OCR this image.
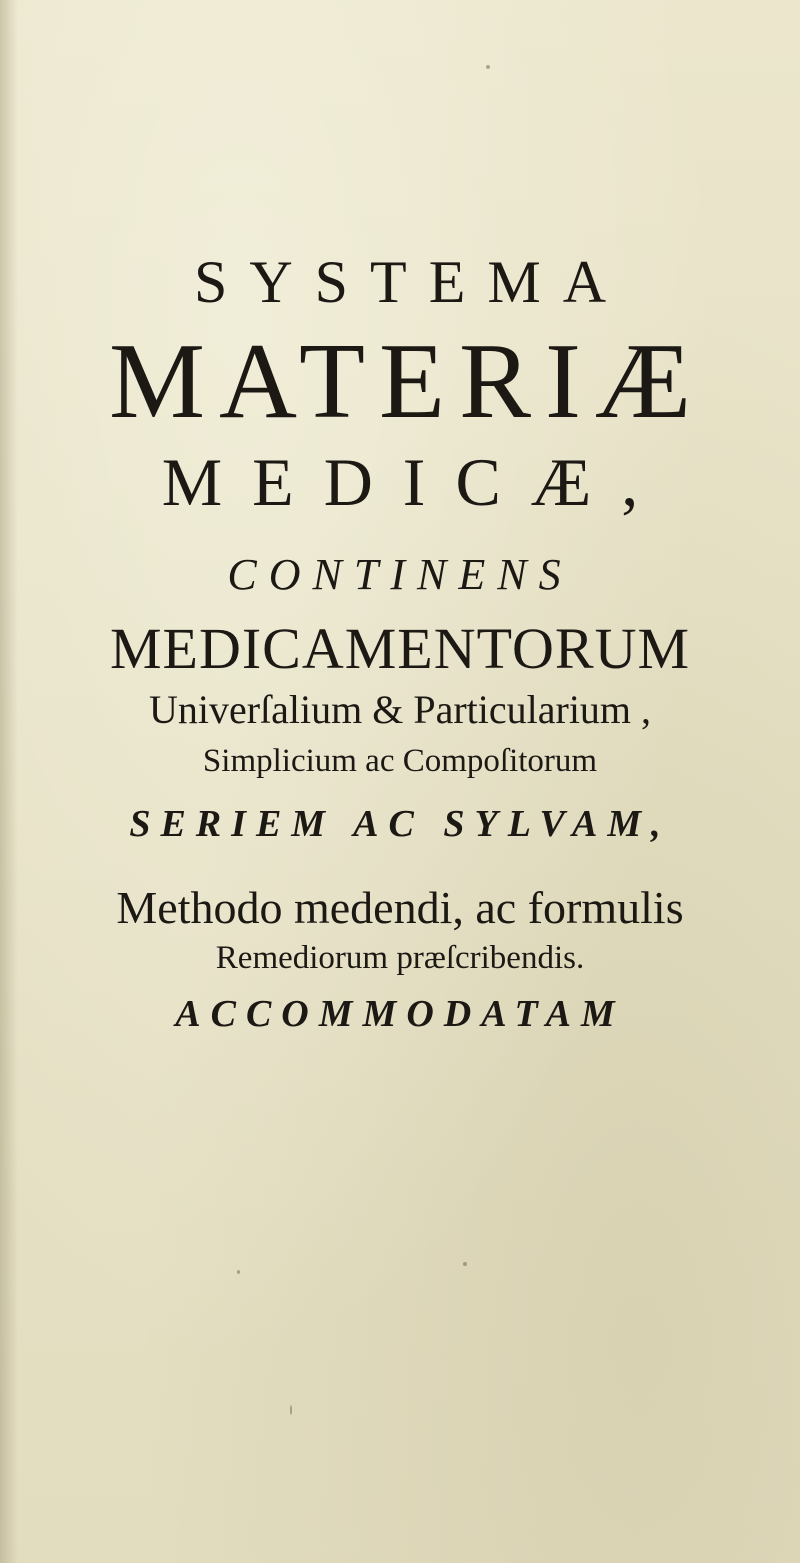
SYSTEMA
MATERIÆ
MEDICÆ,
CONTINENS
MEDICAMENTORUM
Univerſalium & Particularium ,
Simplicium ac Compoſitorum
SERIEM AC SYLVAM,
Methodo medendi, ac formulis
Remediorum præſcribendis.
ACCOMMODATAM
